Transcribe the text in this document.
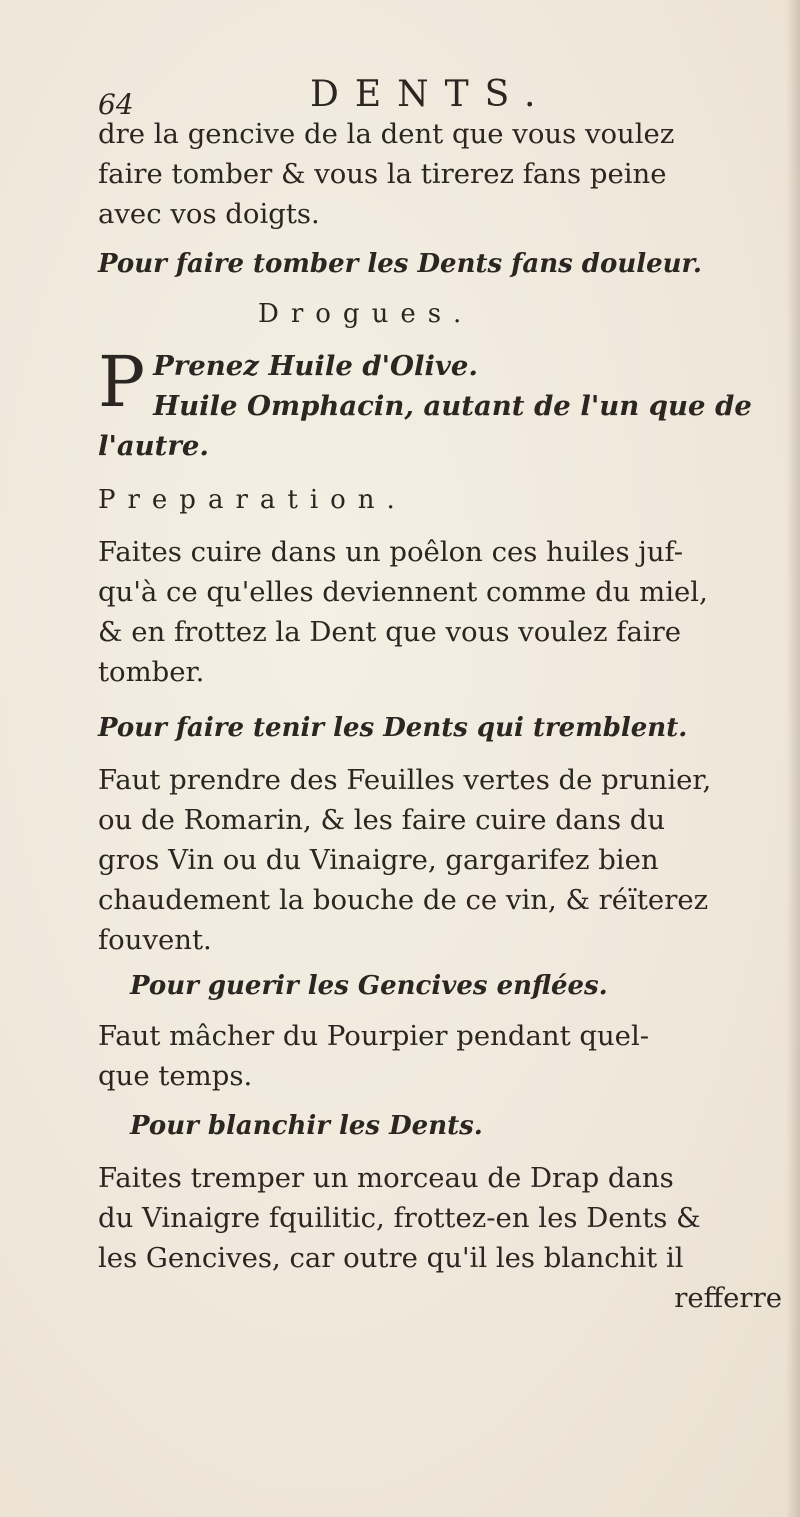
64	DENTS.

dre la gencive de la dent que vous voulez

faire tomber & vous la tirerez fans peine

avec vos doigts.

Pour faire tomber les Dents fans douleur.

Drogues.

P Prenez Huile d'Olive.

Huile Omphacin, autant de l'un que de

l'autre.

Preparation.

Faites cuire dans un poêlon ces huiles juf-

qu'à ce qu'elles deviennent comme du miel,

& en frottez la Dent que vous voulez faire

tomber.

Pour faire tenir les Dents qui tremblent.

Faut prendre des Feuilles vertes de prunier,

ou de Romarin, & les faire cuire dans du

gros Vin ou du Vinaigre, gargarifez bien

chaudement la bouche de ce vin, & réïterez

fouvent.

Pour guerir les Gencives enflées.

Faut mâcher du Pourpier pendant quel-

que temps.

Pour blanchir les Dents.

Faites tremper un morceau de Drap dans

du Vinaigre fquilitic, frottez-en les Dents &

les Gencives, car outre qu'il les blanchit il

refferre
